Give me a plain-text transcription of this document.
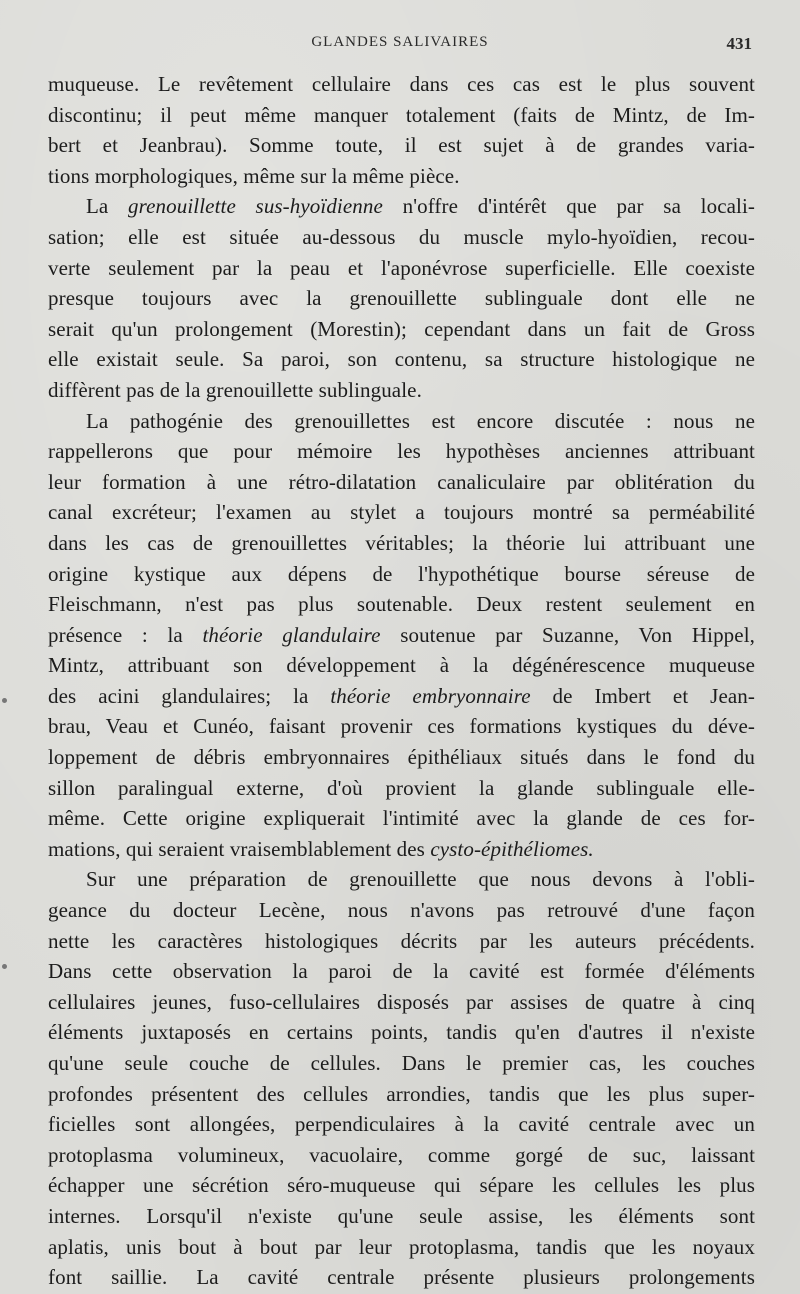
GLANDES SALIVAIRES	431
muqueuse. Le revêtement cellulaire dans ces cas est le plus souvent
discontinu; il peut même manquer totalement (faits de Mintz, de Im-
bert et Jeanbrau). Somme toute, il est sujet à de grandes varia-
tions morphologiques, même sur la même pièce.
La grenouillette sus-hyoïdienne n'offre d'intérêt que par sa locali-
sation; elle est située au-dessous du muscle mylo-hyoïdien, recou-
verte seulement par la peau et l'aponévrose superficielle. Elle coexiste
presque toujours avec la grenouillette sublinguale dont elle ne
serait qu'un prolongement (Morestin); cependant dans un fait de Gross
elle existait seule. Sa paroi, son contenu, sa structure histologique ne
diffèrent pas de la grenouillette sublinguale.
La pathogénie des grenouillettes est encore discutée : nous ne
rappellerons que pour mémoire les hypothèses anciennes attribuant
leur formation à une rétro-dilatation canaliculaire par oblitération du
canal excréteur; l'examen au stylet a toujours montré sa perméabilité
dans les cas de grenouillettes véritables; la théorie lui attribuant une
origine kystique aux dépens de l'hypothétique bourse séreuse de
Fleischmann, n'est pas plus soutenable. Deux restent seulement en
présence : la théorie glandulaire soutenue par Suzanne, Von Hippel,
Mintz, attribuant son développement à la dégénérescence muqueuse
des acini glandulaires; la théorie embryonnaire de Imbert et Jean-
brau, Veau et Cunéo, faisant provenir ces formations kystiques du déve-
loppement de débris embryonnaires épithéliaux situés dans le fond du
sillon paralingual externe, d'où provient la glande sublinguale elle-
même. Cette origine expliquerait l'intimité avec la glande de ces for-
mations, qui seraient vraisemblablement des cysto-épithéliomes.
Sur une préparation de grenouillette que nous devons à l'obli-
geance du docteur Lecène, nous n'avons pas retrouvé d'une façon
nette les caractères histologiques décrits par les auteurs précédents.
Dans cette observation la paroi de la cavité est formée d'éléments
cellulaires jeunes, fuso-cellulaires disposés par assises de quatre à cinq
éléments juxtaposés en certains points, tandis qu'en d'autres il n'existe
qu'une seule couche de cellules. Dans le premier cas, les couches
profondes présentent des cellules arrondies, tandis que les plus super-
ficielles sont allongées, perpendiculaires à la cavité centrale avec un
protoplasma volumineux, vacuolaire, comme gorgé de suc, laissant
échapper une sécrétion séro-muqueuse qui sépare les cellules les plus
internes. Lorsqu'il n'existe qu'une seule assise, les éléments sont
aplatis, unis bout à bout par leur protoplasma, tandis que les noyaux
font saillie. La cavité centrale présente plusieurs prolongements
